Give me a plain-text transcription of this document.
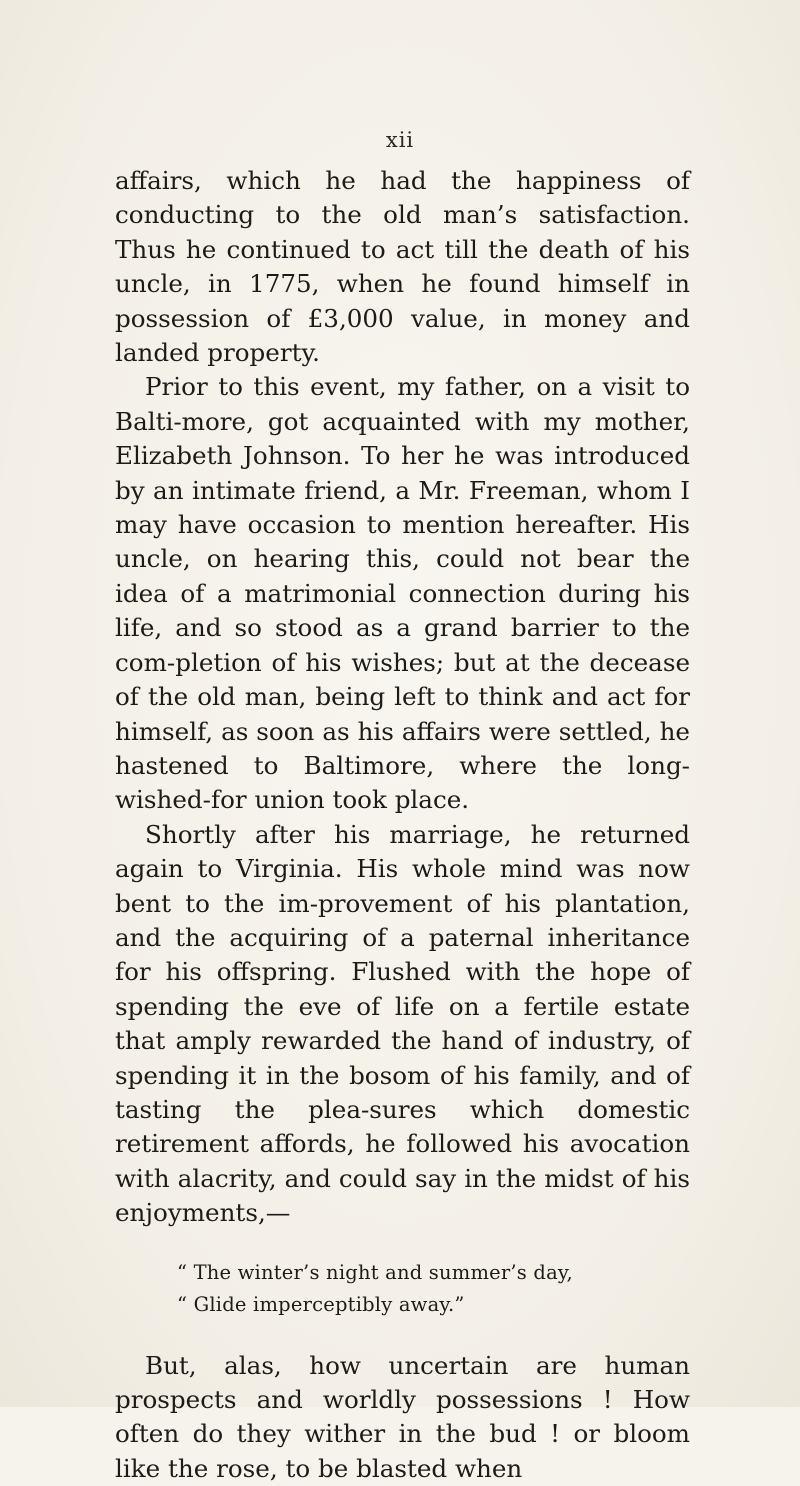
xii

affairs, which he had the happiness of conducting to the old man’s satisfaction. Thus he continued to act till the death of his uncle, in 1775, when he found himself in possession of £3,000 value, in money and landed property.

Prior to this event, my father, on a visit to Balti-more, got acquainted with my mother, Elizabeth Johnson. To her he was introduced by an intimate friend, a Mr. Freeman, whom I may have occasion to mention hereafter. His uncle, on hearing this, could not bear the idea of a matrimonial connection during his life, and so stood as a grand barrier to the com-pletion of his wishes; but at the decease of the old man, being left to think and act for himself, as soon as his affairs were settled, he hastened to Baltimore, where the long-wished-for union took place.

Shortly after his marriage, he returned again to Virginia. His whole mind was now bent to the im-provement of his plantation, and the acquiring of a paternal inheritance for his offspring. Flushed with the hope of spending the eve of life on a fertile estate that amply rewarded the hand of industry, of spending it in the bosom of his family, and of tasting the plea-sures which domestic retirement affords, he followed his avocation with alacrity, and could say in the midst of his enjoyments,—

“ The winter’s night and summer’s day,
“ Glide imperceptibly away.”

But, alas, how uncertain are human prospects and worldly possessions ! How often do they wither in the bud ! or bloom like the rose, to be blasted when
